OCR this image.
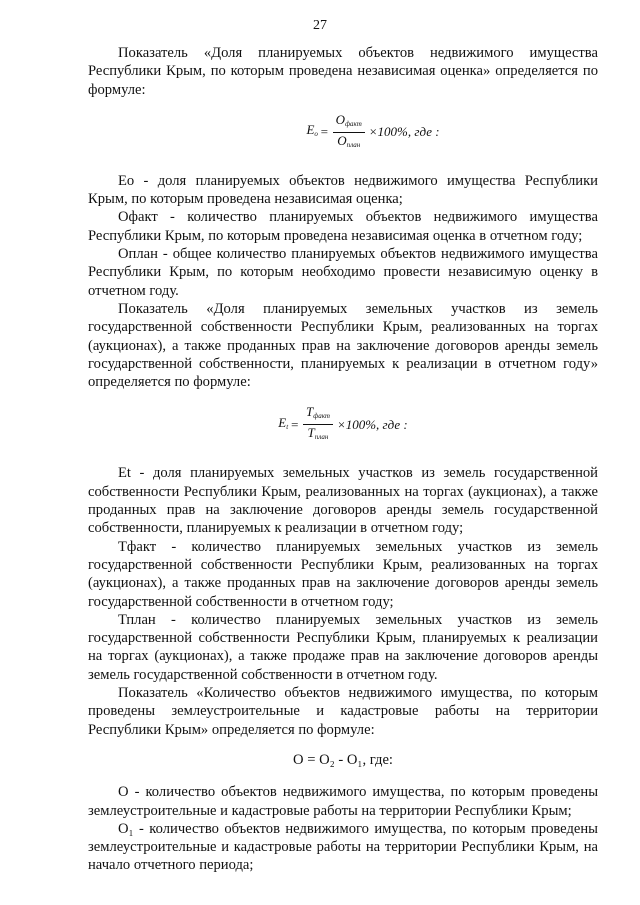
27

Показатель «Доля планируемых объектов недвижимого имущества Республики Крым, по которым проведена независимая оценка» определяется по формуле:

$E_o = \frac{O_{факт}}{O_{план}} \times 100\%$, где :

Ео - доля планируемых объектов недвижимого имущества Республики Крым, по которым проведена независимая оценка;

Офакт - количество планируемых объектов недвижимого имущества Республики Крым, по которым проведена независимая оценка в отчетном году;

Оплан - общее количество планируемых объектов недвижимого имущества Республики Крым, по которым необходимо провести независимую оценку в отчетном году.

Показатель «Доля планируемых земельных участков из земель государственной собственности Республики Крым, реализованных на торгах (аукционах), а также проданных прав на заключение договоров аренды земель государственной собственности, планируемых к реализации в отчетном году» определяется по формуле:

$E_t = \frac{T_{факт}}{T_{план}} \times 100\%$, где :

Et - доля планируемых земельных участков из земель государственной собственности Республики Крым, реализованных на торгах (аукционах), а также проданных прав на заключение договоров аренды земель государственной собственности, планируемых к реализации в отчетном году;

Тфакт - количество планируемых земельных участков из земель государственной собственности Республики Крым, реализованных на торгах (аукционах), а также проданных прав на заключение договоров аренды земель государственной собственности в отчетном году;

Тплан - количество планируемых земельных участков из земель государственной собственности Республики Крым, планируемых к реализации на торгах (аукционах), а также продаже прав на заключение договоров аренды земель государственной собственности в отчетном году.

Показатель «Количество объектов недвижимого имущества, по которым проведены землеустроительные и кадастровые работы на территории Республики Крым» определяется по формуле:

О = О₂ - О₁, где:

О - количество объектов недвижимого имущества, по которым проведены землеустроительные и кадастровые работы на территории Республики Крым;

О₁ - количество объектов недвижимого имущества, по которым проведены землеустроительные и кадастровые работы на территории Республики Крым, на начало отчетного периода;
